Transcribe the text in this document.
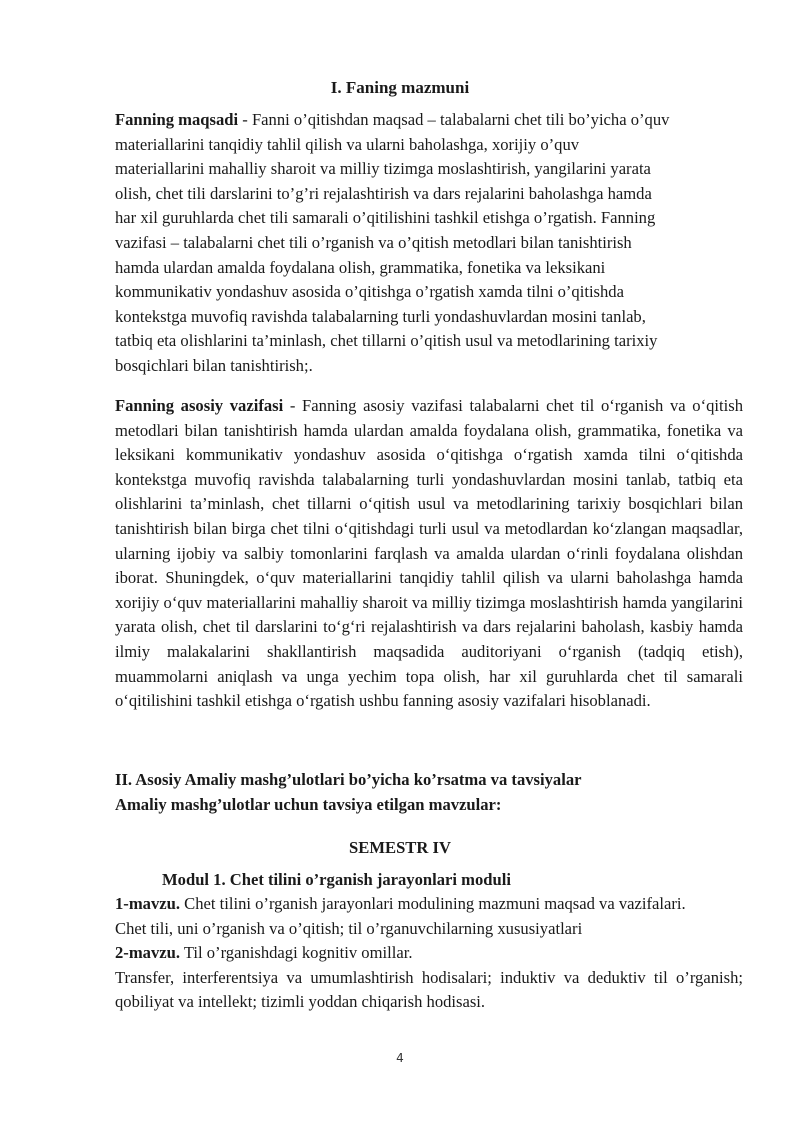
I. Faning mazmuni
Fanning maqsadi - Fanni o’qitishdan maqsad – talabalarni chet tili bo’yicha o’quv
materiallarini tanqidiy tahlil qilish va ularni baholashga, xorijiy o’quv
materiallarini mahalliy sharoit va milliy tizimga moslashtirish, yangilarini yarata
olish, chet tili darslarini to’g’ri rejalashtirish va dars rejalarini baholashga hamda
har xil guruhlarda chet tili samarali o’qitilishini tashkil etishga o’rgatish. Fanning
vazifasi – talabalarni chet tili o’rganish va o’qitish metodlari bilan tanishtirish
hamda ulardan amalda foydalana olish, grammatika, fonetika va leksikani
kommunikativ yondashuv asosida o’qitishga o’rgatish xamda tilni o’qitishda
kontekstga muvofiq ravishda talabalarning turli yondashuvlardan mosini tanlab,
tatbiq eta olishlarini ta’minlash, chet tillarni o’qitish usul va metodlarining tarixiy
bosqichlari bilan tanishtirish;.

Fanning asosiy vazifasi - Fanning asosiy vazifasi talabalarni chet til o‘rganish va o‘qitish metodlari bilan tanishtirish hamda ulardan amalda foydalana olish, grammatika, fonetika va leksikani kommunikativ yondashuv asosida o‘qitishga o‘rgatish xamda tilni o‘qitishda kontekstga muvofiq ravishda talabalarning turli yondashuvlardan mosini tanlab, tatbiq eta olishlarini ta’minlash, chet tillarni o‘qitish usul va metodlarining tarixiy bosqichlari bilan tanishtirish bilan birga chet tilni o‘qitishdagi turli usul va metodlardan ko‘zlangan maqsadlar, ularning ijobiy va salbiy tomonlarini farqlash va amalda ulardan o‘rinli foydalana olishdan iborat. Shuningdek, o‘quv materiallarini tanqidiy tahlil qilish va ularni baholashga hamda xorijiy o‘quv materiallarini mahalliy sharoit va milliy tizimga moslashtirish hamda yangilarini yarata olish, chet til darslarini to‘g‘ri rejalashtirish va dars rejalarini baholash, kasbiy hamda ilmiy malakalarini shakllantirish maqsadida auditoriyani o‘rganish (tadqiq etish), muammolarni aniqlash va unga yechim topa olish, har xil guruhlarda chet til samarali o‘qitilishini tashkil etishga o‘rgatish ushbu fanning asosiy vazifalari hisoblanadi.

II. Asosiy Amaliy mashg’ulotlari bo’yicha ko’rsatma va tavsiyalar
Amaliy mashg’ulotlar uchun tavsiya etilgan mavzular:
SEMESTR IV
Modul 1. Chet tilini o’rganish jarayonlari moduli
1-mavzu. Chet tilini o’rganish jarayonlari modulining mazmuni maqsad va vazifalari.
Chet tili, uni o’rganish va o’qitish; til o’rganuvchilarning xususiyatlari
2-mavzu. Til o’rganishdagi kognitiv omillar.
Transfer, interferentsiya va umumlashtirish hodisalari; induktiv va deduktiv til o’rganish; qobiliyat va intellekt; tizimli yoddan chiqarish hodisasi.
4
